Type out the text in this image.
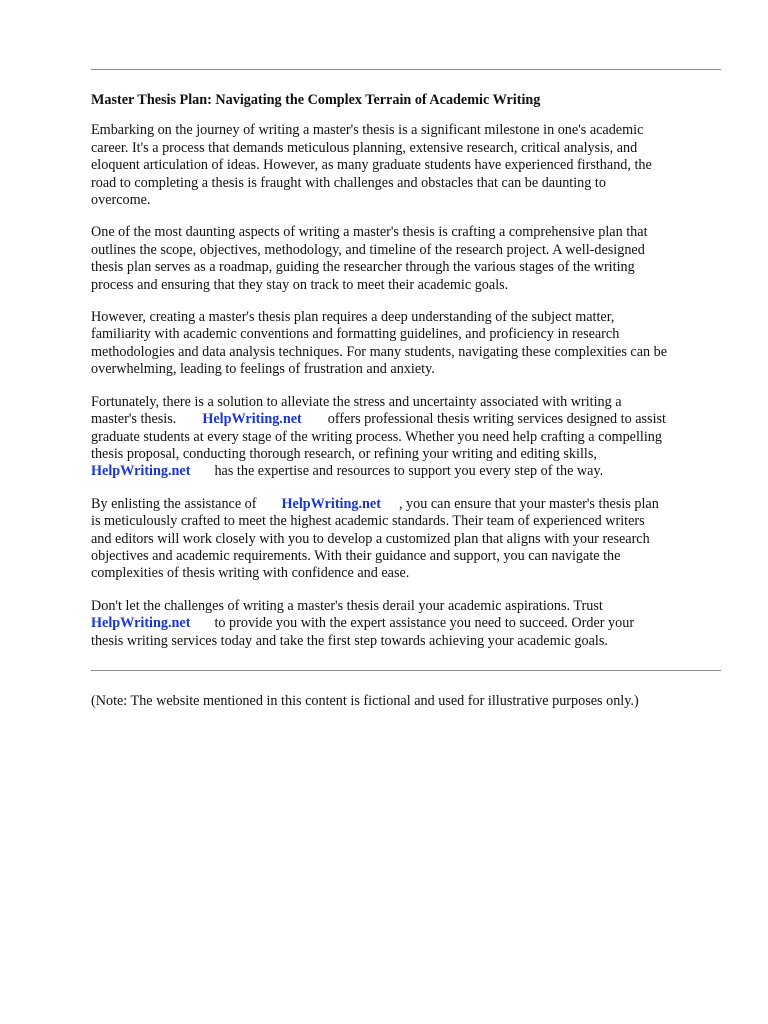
Master Thesis Plan: Navigating the Complex Terrain of Academic Writing
Embarking on the journey of writing a master's thesis is a significant milestone in one's academic
career. It's a process that demands meticulous planning, extensive research, critical analysis, and
eloquent articulation of ideas. However, as many graduate students have experienced firsthand, the
road to completing a thesis is fraught with challenges and obstacles that can be daunting to
overcome.
One of the most daunting aspects of writing a master's thesis is crafting a comprehensive plan that
outlines the scope, objectives, methodology, and timeline of the research project. A well-designed
thesis plan serves as a roadmap, guiding the researcher through the various stages of the writing
process and ensuring that they stay on track to meet their academic goals.
However, creating a master's thesis plan requires a deep understanding of the subject matter,
familiarity with academic conventions and formatting guidelines, and proficiency in research
methodologies and data analysis techniques. For many students, navigating these complexities can be
overwhelming, leading to feelings of frustration and anxiety.
Fortunately, there is a solution to alleviate the stress and uncertainty associated with writing a
master's thesis. HelpWriting.net offers professional thesis writing services designed to assist
graduate students at every stage of the writing process. Whether you need help crafting a compelling
thesis proposal, conducting thorough research, or refining your writing and editing skills,
HelpWriting.net has the expertise and resources to support you every step of the way.
By enlisting the assistance of HelpWriting.net , you can ensure that your master's thesis plan
is meticulously crafted to meet the highest academic standards. Their team of experienced writers
and editors will work closely with you to develop a customized plan that aligns with your research
objectives and academic requirements. With their guidance and support, you can navigate the
complexities of thesis writing with confidence and ease.
Don't let the challenges of writing a master's thesis derail your academic aspirations. Trust
HelpWriting.net to provide you with the expert assistance you need to succeed. Order your
thesis writing services today and take the first step towards achieving your academic goals.
(Note: The website mentioned in this content is fictional and used for illustrative purposes only.)
